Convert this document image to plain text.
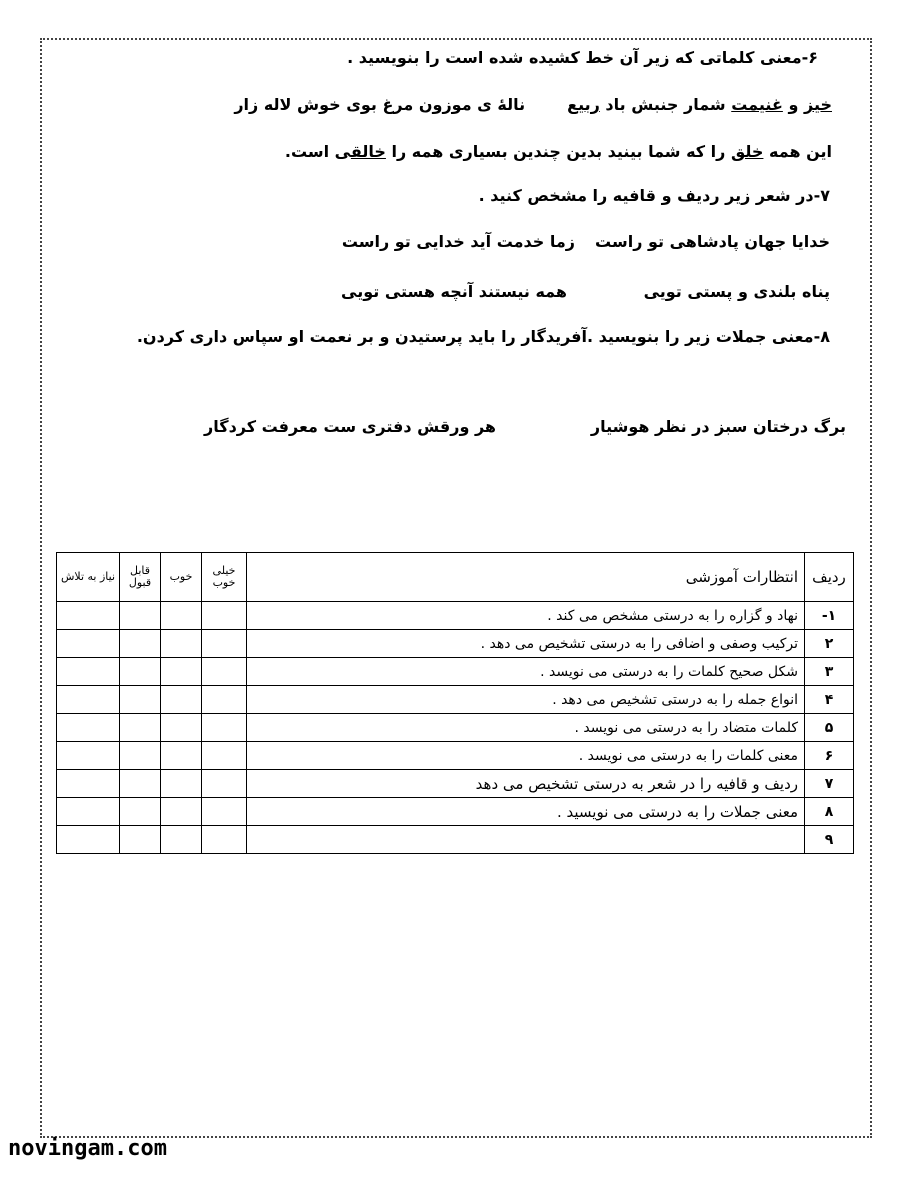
۶-معنی کلماتی که زیر آن خط کشیده شده است را بنویسید .
خیز و غنیمت شمار جنبش باد ربیعنالهٔ ی موزون مرغ بوی خوش لاله زار
این همه خلق را که شما بینید بدین چندین بسیاری همه را خالقی است.
۷-در شعر زیر ردیف و قافیه را مشخص کنید .
خدایا جهان پادشاهی تو راست
زما خدمت آید خدایی تو راست
پناه بلندی و پستی تویی
همه نیستند آنچه هستی تویی
۸-معنی جملات زیر را بنویسید .آفریدگار را باید پرستیدن و بر نعمت او سپاس داری کردن.
برگ درختان سبز در نظر هوشیار
هر ورقش دفتری ست معرفت کردگار
ردیف	انتظارات آموزشی	خیلی خوب	خوب	قابل قبول	نیاز به تلاش
۱-	نهاد و گزاره را به درستی مشخص می کند .				
۲	ترکیب وصفی و اضافی را به درستی تشخیص می دهد .				
۳	شکل صحیح کلمات را به درستی می نویسد .				
۴	انواع جمله را به درستی تشخیص می دهد .				
۵	کلمات متضاد را به درستی می نویسد .				
۶	معنی کلمات را به درستی می نویسد .				
۷	ردیف و قافیه را در شعر به درستی تشخیص می دهد				
۸	معنی جملات را به درستی می نویسید .				
۹					
novingam.com
